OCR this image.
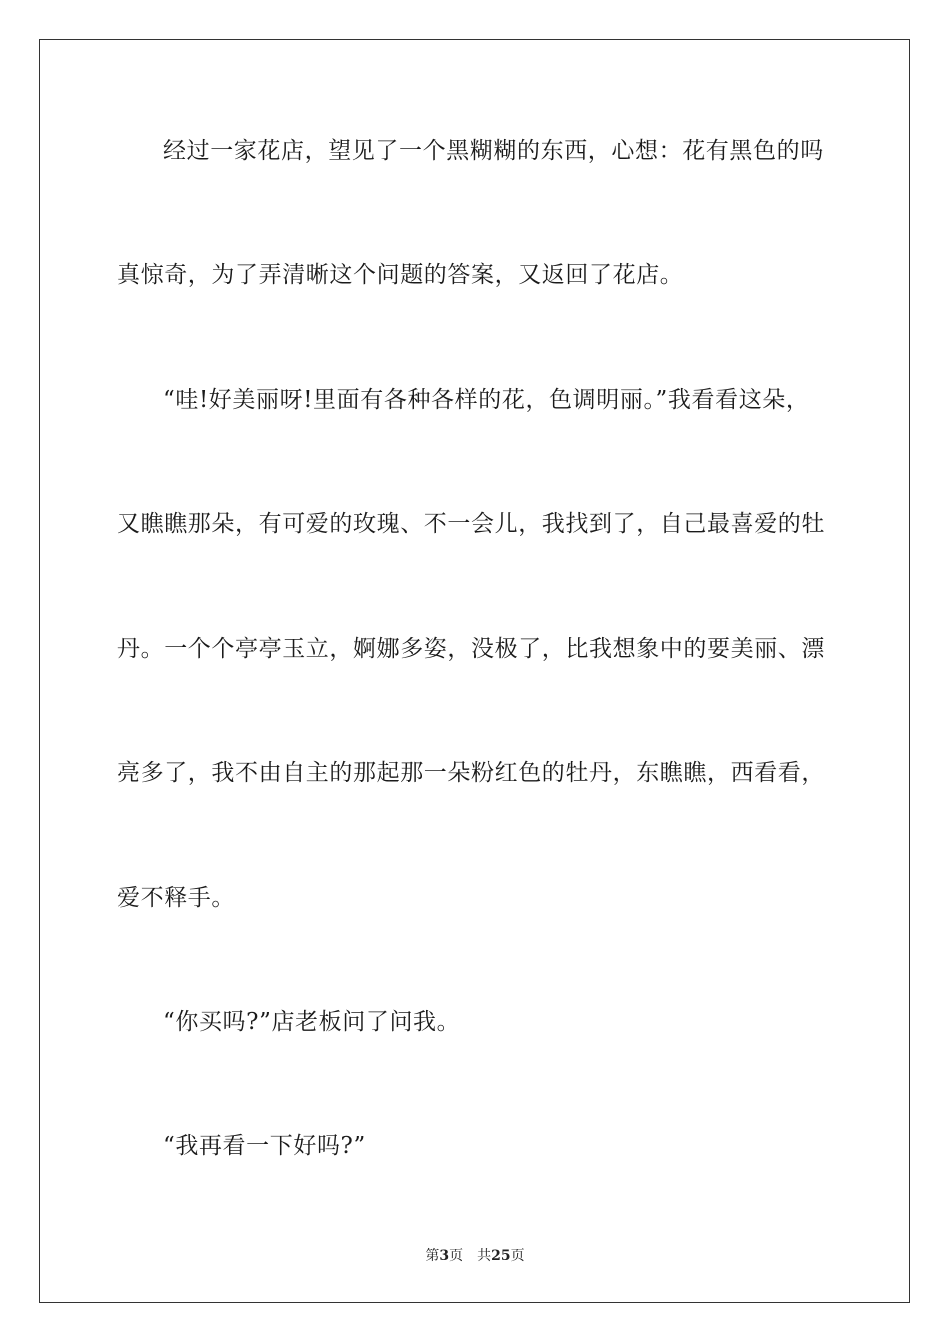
经过一家花店，望见了一个黑糊糊的东西，心想：花有黑色的吗
真惊奇，为了弄清晰这个问题的答案，又返回了花店。
“哇!好美丽呀!里面有各种各样的花，色调明丽。”我看看这朵，
又瞧瞧那朵，有可爱的玫瑰、不一会儿，我找到了，自己最喜爱的牡
丹。一个个亭亭玉立，婀娜多姿，没极了，比我想象中的要美丽、漂
亮多了，我不由自主的那起那一朵粉红色的牡丹，东瞧瞧，西看看，
爱不释手。
“你买吗?”店老板问了问我。
“我再看一下好吗?”
第3页 共25页
